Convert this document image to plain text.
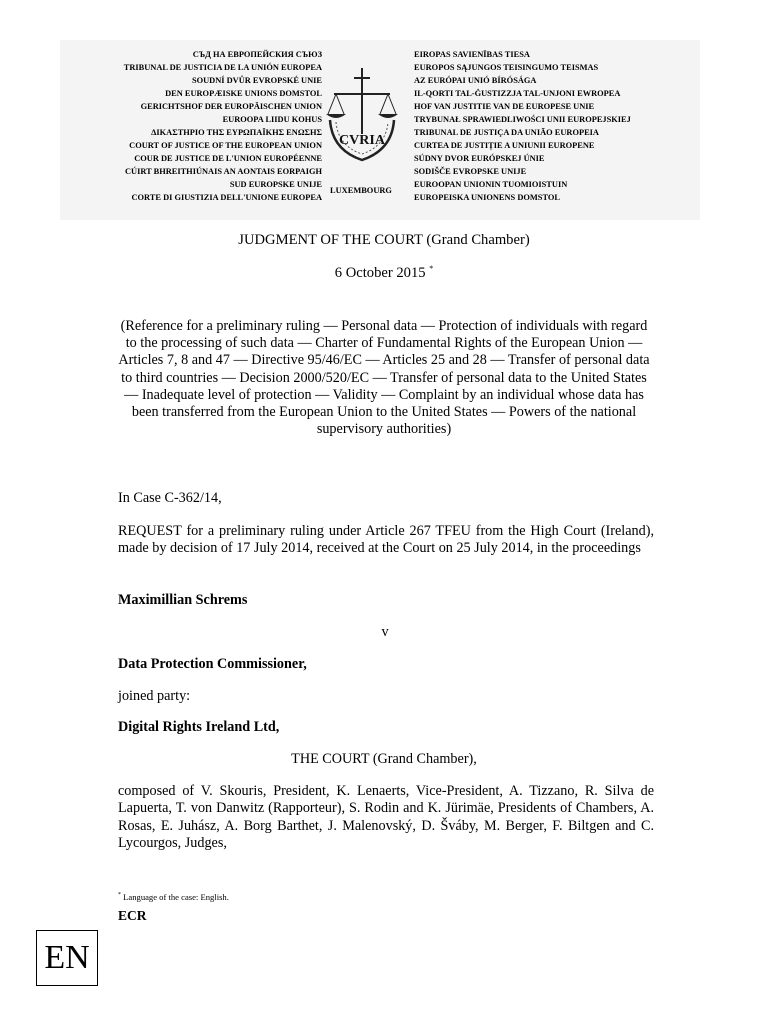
СЪД НА ЕВРОПЕЙСКИЯ СЪЮЗ
TRIBUNAL DE JUSTICIA DE LA UNIÓN EUROPEA
SOUDNÍ DVŮR EVROPSKÉ UNIE
DEN EUROPÆISKE UNIONS DOMSTOL
GERICHTSHOF DER EUROPÄISCHEN UNION
EUROOPA LIIDU KOHUS
ΔΙΚΑΣΤΗΡΙΟ ΤΗΣ ΕΥΡΩΠΑΪΚΗΣ ΕΝΩΣΗΣ
COURT OF JUSTICE OF THE EUROPEAN UNION
COUR DE JUSTICE DE L'UNION EUROPÉENNE
CÚIRT BHREITHIÚNAIS AN AONTAIS EORPAIGH
SUD EUROPSKE UNIJE
CORTE DI GIUSTIZIA DELL'UNIONE EUROPEA
CVRIA
LUXEMBOURG
EIROPAS SAVIENĪBAS TIESA
EUROPOS SĄJUNGOS TEISINGUMO TEISMAS
AZ EURÓPAI UNIÓ BÍRÓSÁGA
IL-QORTI TAL-ĠUSTIZZJA TAL-UNJONI EWROPEA
HOF VAN JUSTITIE VAN DE EUROPESE UNIE
TRYBUNAŁ SPRAWIEDLIWOŚCI UNII EUROPEJSKIEJ
TRIBUNAL DE JUSTIÇA DA UNIÃO EUROPEIA
CURTEA DE JUSTIȚIE A UNIUNII EUROPENE
SÚDNY DVOR EURÓPSKEJ ÚNIE
SODIŠČE EVROPSKE UNIJE
EUROOPAN UNIONIN TUOMIOISTUIN
EUROPEISKA UNIONENS DOMSTOL
JUDGMENT OF THE COURT (Grand Chamber)
6 October 2015 *
(Reference for a preliminary ruling — Personal data — Protection of individuals with regard to the processing of such data — Charter of Fundamental Rights of the European Union — Articles 7, 8 and 47 — Directive 95/46/EC — Articles 25 and 28 — Transfer of personal data to third countries — Decision 2000/520/EC — Transfer of personal data to the United States — Inadequate level of protection — Validity — Complaint by an individual whose data has been transferred from the European Union to the United States — Powers of the national supervisory authorities)
In Case C-362/14,
REQUEST for a preliminary ruling under Article 267 TFEU from the High Court (Ireland), made by decision of 17 July 2014, received at the Court on 25 July 2014, in the proceedings
Maximillian Schrems
v
Data Protection Commissioner,
joined party:
Digital Rights Ireland Ltd,
THE COURT (Grand Chamber),
composed of V. Skouris, President, K. Lenaerts, Vice-President, A. Tizzano, R. Silva de Lapuerta, T. von Danwitz (Rapporteur), S. Rodin and K. Jürimäe, Presidents of Chambers, A. Rosas, E. Juhász, A. Borg Barthet, J. Malenovský, D. Šváby, M. Berger, F. Biltgen and C. Lycourgos, Judges,
* Language of the case: English.
ECR
EN
